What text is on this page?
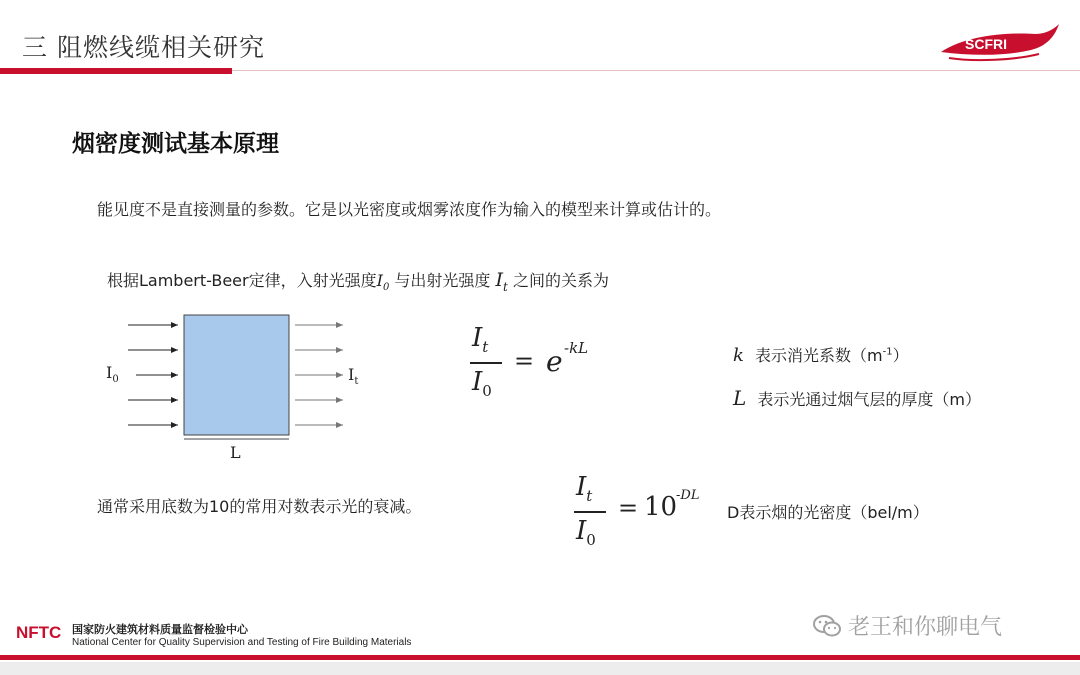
三 阻燃线缆相关研究	SCFRI
烟密度测试基本原理
能见度不是直接测量的参数。它是以光密度或烟雾浓度作为输入的模型来计算或估计的。
根据Lambert-Beer定律，入射光强度$I_0$ 与出射光强度 $I_t$ 之间的关系为
$I_0$	$I_t$
L
$I_t$
$I_0$
= e -kL	k 表示消光系数$(m^{-1})$
L 表示光通过烟气层的厚度（m）
通常采用底数为10的常用对数表示光的衰减。
$I_t$
$I_0$
= 10
-DL
D表示烟的光密度（bel/m）
NFTC 国家防火建筑材料质量监督检验中心
National Center for Quality Supervision and Testing of Fire Building Materials
老王和你聊电气
